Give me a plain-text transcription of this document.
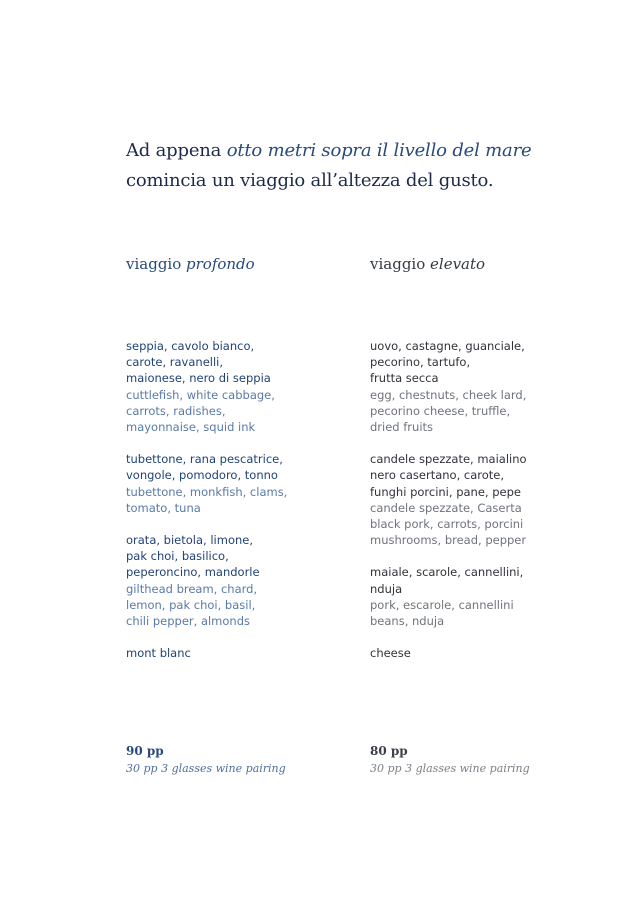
Ad appena otto metri sopra il livello del mare
comincia un viaggio all’altezza del gusto.
viaggio profondo
seppia, cavolo bianco,
carote, ravanelli,
maionese, nero di seppia
cuttlefish, white cabbage,
carrots, radishes,
mayonnaise, squid ink
tubettone, rana pescatrice,
vongole, pomodoro, tonno
tubettone, monkfish, clams,
tomato, tuna
orata, bietola, limone,
pak choi, basilico,
peperoncino, mandorle
gilthead bream, chard,
lemon, pak choi, basil,
chili pepper, almonds
mont blanc
90 pp
30 pp 3 glasses wine pairing
viaggio elevato
uovo, castagne, guanciale,
pecorino, tartufo,
frutta secca
egg, chestnuts, cheek lard,
pecorino cheese, truffle,
dried fruits
candele spezzate, maialino
nero casertano, carote,
funghi porcini, pane, pepe
candele spezzate, Caserta
black pork, carrots, porcini
mushrooms, bread, pepper
maiale, scarole, cannellini,
nduja
pork, escarole, cannellini
beans, nduja
cheese
80 pp
30 pp 3 glasses wine pairing
